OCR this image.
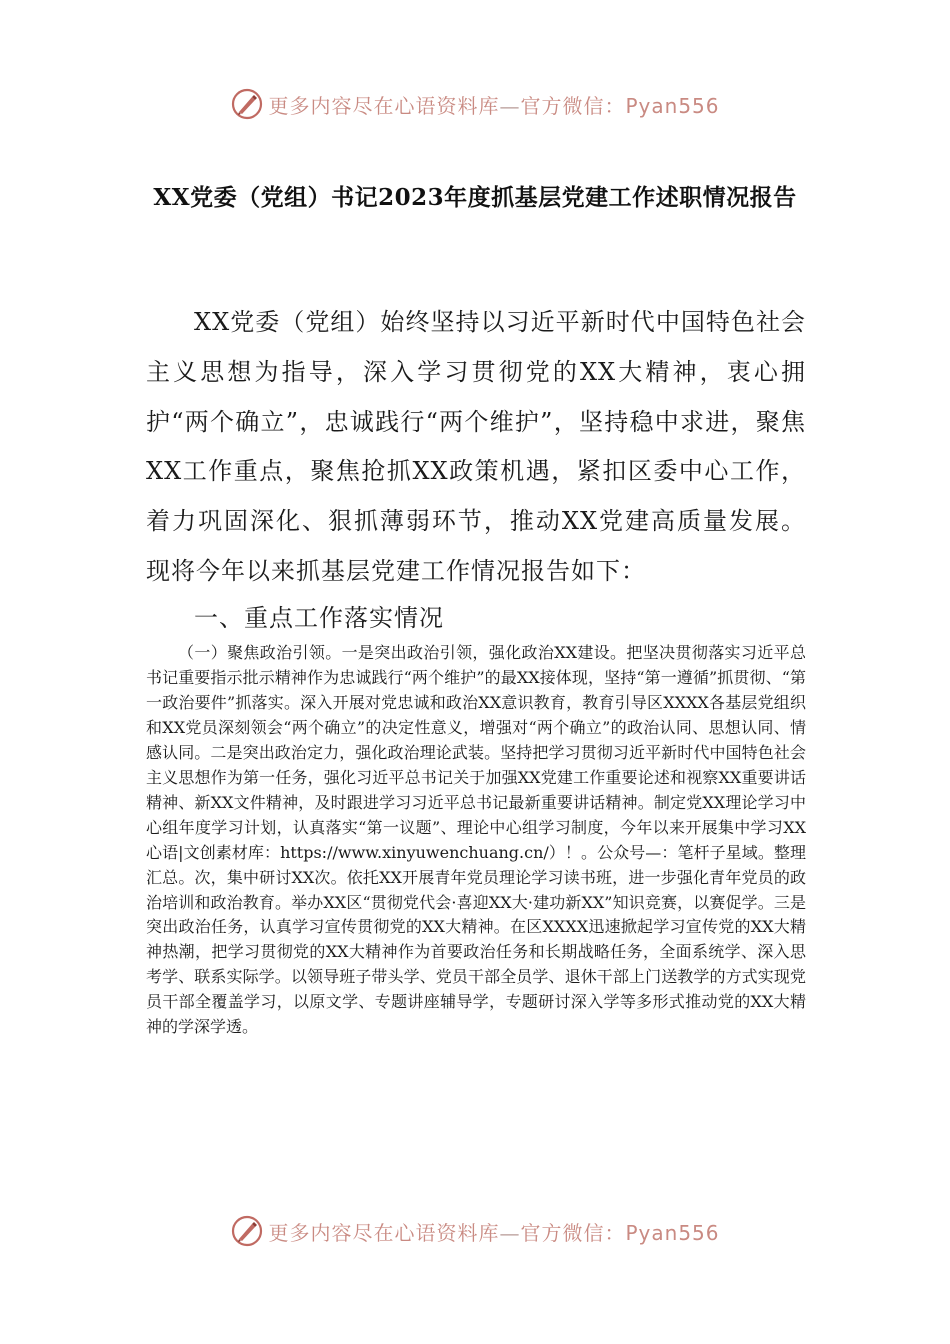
更多内容尽在心语资料库—官方微信：Pyan556
XX党委（党组）书记2023年度抓基层党建工作述职情况报告

XX党委（党组）始终坚持以习近平新时代中国特色社会主义思想为指导，深入学习贯彻党的XX大精神，衷心拥护“两个确立”，忠诚践行“两个维护”，坚持稳中求进，聚焦XX工作重点，聚焦抢抓XX政策机遇，紧扣区委中心工作，着力巩固深化、狠抓薄弱环节，推动XX党建高质量发展。现将今年以来抓基层党建工作情况报告如下：

一、重点工作落实情况

（一）聚焦政治引领。一是突出政治引领，强化政治XX建设。把坚决贯彻落实习近平总书记重要指示批示精神作为忠诚践行“两个维护”的最XX接体现，坚持“第一遵循”抓贯彻、“第一政治要件”抓落实。深入开展对党忠诚和政治XX意识教育，教育引导区XXXX各基层党组织和XX党员深刻领会“两个确立”的决定性意义，增强对“两个确立”的政治认同、思想认同、情感认同。二是突出政治定力，强化政治理论武装。坚持把学习贯彻习近平新时代中国特色社会主义思想作为第一任务，强化习近平总书记关于加强XX党建工作重要论述和视察XX重要讲话精神、新XX文件精神，及时跟进学习习近平总书记最新重要讲话精神。制定党XX理论学习中心组年度学习计划，认真落实“第一议题”、理论中心组学习制度，今年以来开展集中学习XX心语|文创素材库：https://www.xinyuwenchuang.cn/）！。公众号—：笔杆子星域。整理汇总。次，集中研讨XX次。依托XX开展青年党员理论学习读书班，进一步强化青年党员的政治培训和政治教育。举办XX区“贯彻党代会·喜迎XX大·建功新XX”知识竞赛，以赛促学。三是突出政治任务，认真学习宣传贯彻党的XX大精神。在区XXXX迅速掀起学习宣传党的XX大精神热潮，把学习贯彻党的XX大精神作为首要政治任务和长期战略任务，全面系统学、深入思考学、联系实际学。以领导班子带头学、党员干部全员学、退休干部上门送教学的方式实现党员干部全覆盖学习，以原文学、专题讲座辅导学，专题研讨深入学等多形式推动党的XX大精神的学深学透。

更多内容尽在心语资料库—官方微信：Pyan556
